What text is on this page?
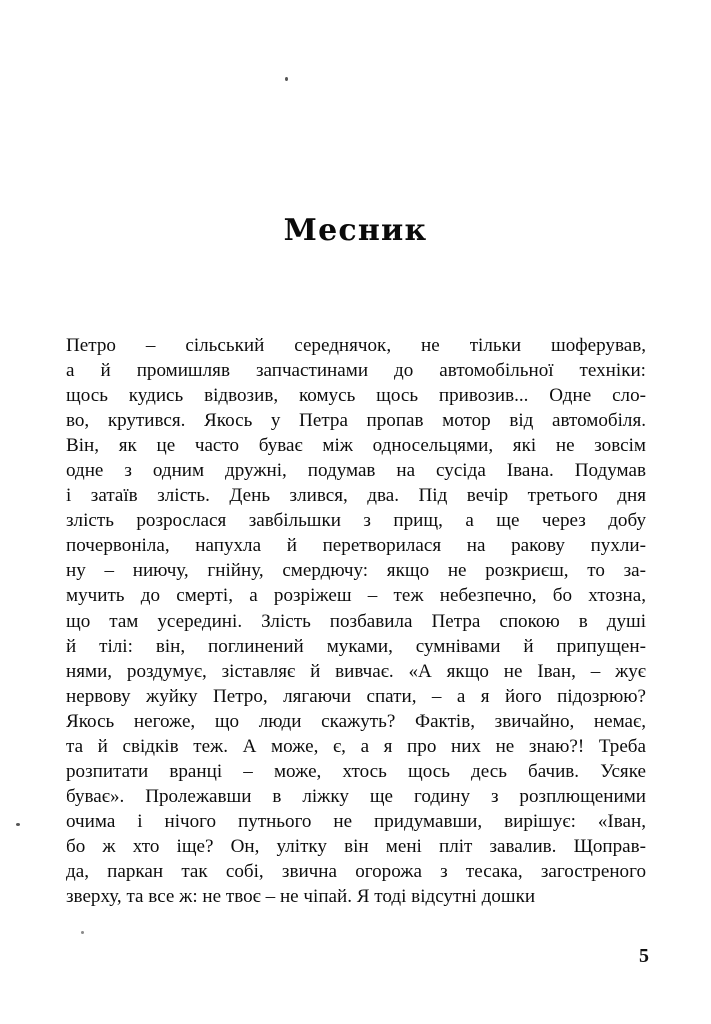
Месник
Петро – сільський середнячок, не тільки шоферував,
а й промишляв запчастинами до автомобільної техніки:
щось кудись відвозив, комусь щось привозив... Одне сло-
во, крутився. Якось у Петра пропав мотор від автомобіля.
Він, як це часто буває між односельцями, які не зовсім
одне з одним дружні, подумав на сусіда Івана. Подумав
і затаїв злість. День злився, два. Під вечір третього дня
злість розрослася завбільшки з прищ, а ще через добу
почервоніла, напухла й перетворилася на ракову пухли-
ну – ниючу, гнійну, смердючу: якщо не розкриєш, то за-
мучить до смерті, а розріжеш – теж небезпечно, бо хтозна,
що там усередині. Злість позбавила Петра спокою в душі
й тілі: він, поглинений муками, сумнівами й припущен-
нями, роздумує, зіставляє й вивчає. «А якщо не Іван, – жує
нервову жуйку Петро, лягаючи спати, – а я його підозрюю?
Якось негоже, що люди скажуть? Фактів, звичайно, немає,
та й свідків теж. А може, є, а я про них не знаю?! Треба
розпитати вранці – може, хтось щось десь бачив. Усяке
буває». Пролежавши в ліжку ще годину з розплющеними
очима і нічого путнього не придумавши, вирішує: «Іван,
бо ж хто іще? Он, улітку він мені пліт завалив. Щоправ-
да, паркан так собі, звична огорожа з тесака, загостреного
зверху, та все ж: не твоє – не чіпай. Я тоді відсутні дошки
5
